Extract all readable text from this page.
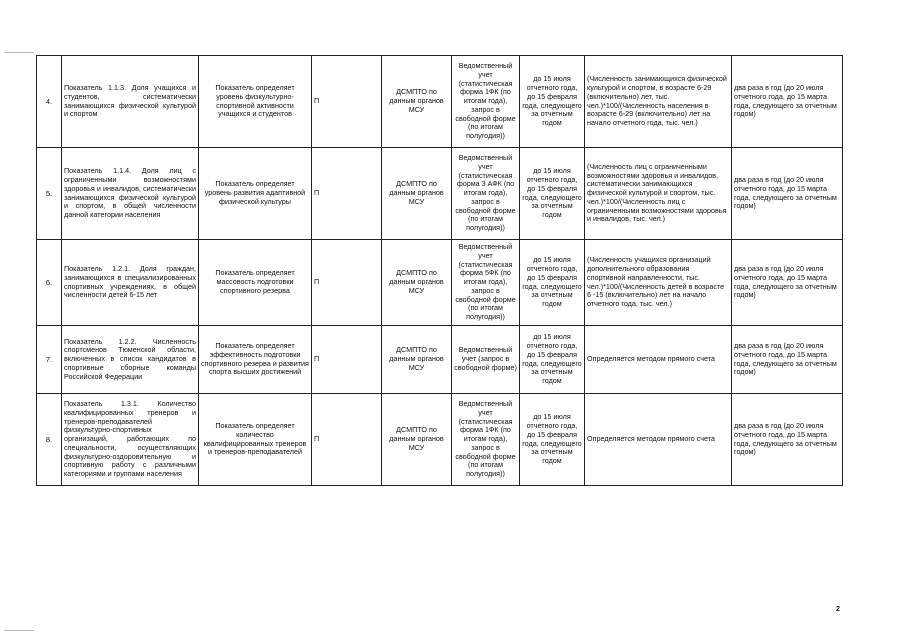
4.	Показатель 1.1.3. Доля учащихся и студентов, систематически занимающихся физической культурой и спортом	Показатель определяет уровень физкультурно-спортивной активности учащихся и студентов	П	ДСМПТО по данным органов МСУ	Ведомственный учет (статистическая форма 1ФК (по итогам года), запрос в свободной форме (по итогам полугодия))	до 15 июля отчетного года, до 15 февраля года, следующего за отчетным годом	(Численность занимающихся физической культурой и спортом, в возрасте 6-29 (включительно) лет, тыс. чел.)*100/(Численность населения в возрасте 6-29 (включительно) лет на начало отчетного года, тыс. чел.)	два раза в год (до 20 июля отчетного года, до 15 марта года, следующего за отчетным годом)
5.	Показатель 1.1.4. Доля лиц с ограниченными возможностями здоровья и инвалидов, систематически занимающихся физической культурой и спортом, в общей численности данной категории населения	Показатель определяет уровень развития адаптивной физической культуры	П	ДСМПТО по данным органов МСУ	Ведомственный учет (статистическая форма 3 АФК (по итогам года), запрос в свободной форме (по итогам полугодия))	до 15 июля отчетного года, до 15 февраля года, следующего за отчетным годом	(Численность лиц с ограниченными возможностями здоровья и инвалидов, систематически занимающихся физической культурой и спортом, тыс. чел.)*100/(Численность лиц с ограниченными возможностями здоровья и инвалидов, тыс. чел.)	два раза в год (до 20 июля отчетного года, до 15 марта года, следующего за отчетным годом)
6.	Показатель 1.2.1. Доля граждан, занимающихся в специализированных спортивных учреждениях, в общей численности детей 6-15 лет	Показатель определяет массовость подготовки спортивного резерва	П	ДСМПТО по данным органов МСУ	Ведомственный учет (статистическая форма 5ФК (по итогам года), запрос в свободной форме (по итогам полугодия))	до 15 июля отчетного года, до 15 февраля года, следующего за отчетным годом	(Численность учащихся организаций дополнительного образования спортивной направленности, тыс. чел.)*100/(Численность детей в возрасте 6 -15 (включительно) лет на начало отчетного года, тыс. чел.)	два раза в год (до 20 июля отчетного года, до 15 марта года, следующего за отчетным годом)
7.	Показатель 1.2.2. Численность спортсменов Тюменской области, включенных в список кандидатов в спортивные сборные команды Российской Федерации	Показатель определяет эффективность подготовки спортивного резерва и развития спорта высших достижений	П	ДСМПТО по данным органов МСУ	Ведомственный учет (запрос в свободной форме)	до 15 июля отчетного года, до 15 февраля года, следующего за отчетным годом	Определяется методом прямого счета	два раза в год (до 20 июля отчетного года, до 15 марта года, следующего за отчетным годом)
8.	Показатель 1.3.1. Количество квалифицированных тренеров и тренеров-преподавателей физкультурно-спортивных организаций, работающих по специальности, осуществляющих физкультурно-оздоровительную и спортивную работу с различными категориями и группами населения	Показатель определяет количество квалифицированных тренеров и тренеров-преподавателей	П	ДСМПТО по данным органов МСУ	Ведомственный учет (статистическая форма 1ФК (по итогам года), запрос в свободной форме (по итогам полугодия))	до 15 июля отчетного года, до 15 февраля года, следующего за отчетным годом	Определяется методом прямого счета	два раза в год (до 20 июля отчетного года, до 15 марта года, следующего за отчетным годом)
2
